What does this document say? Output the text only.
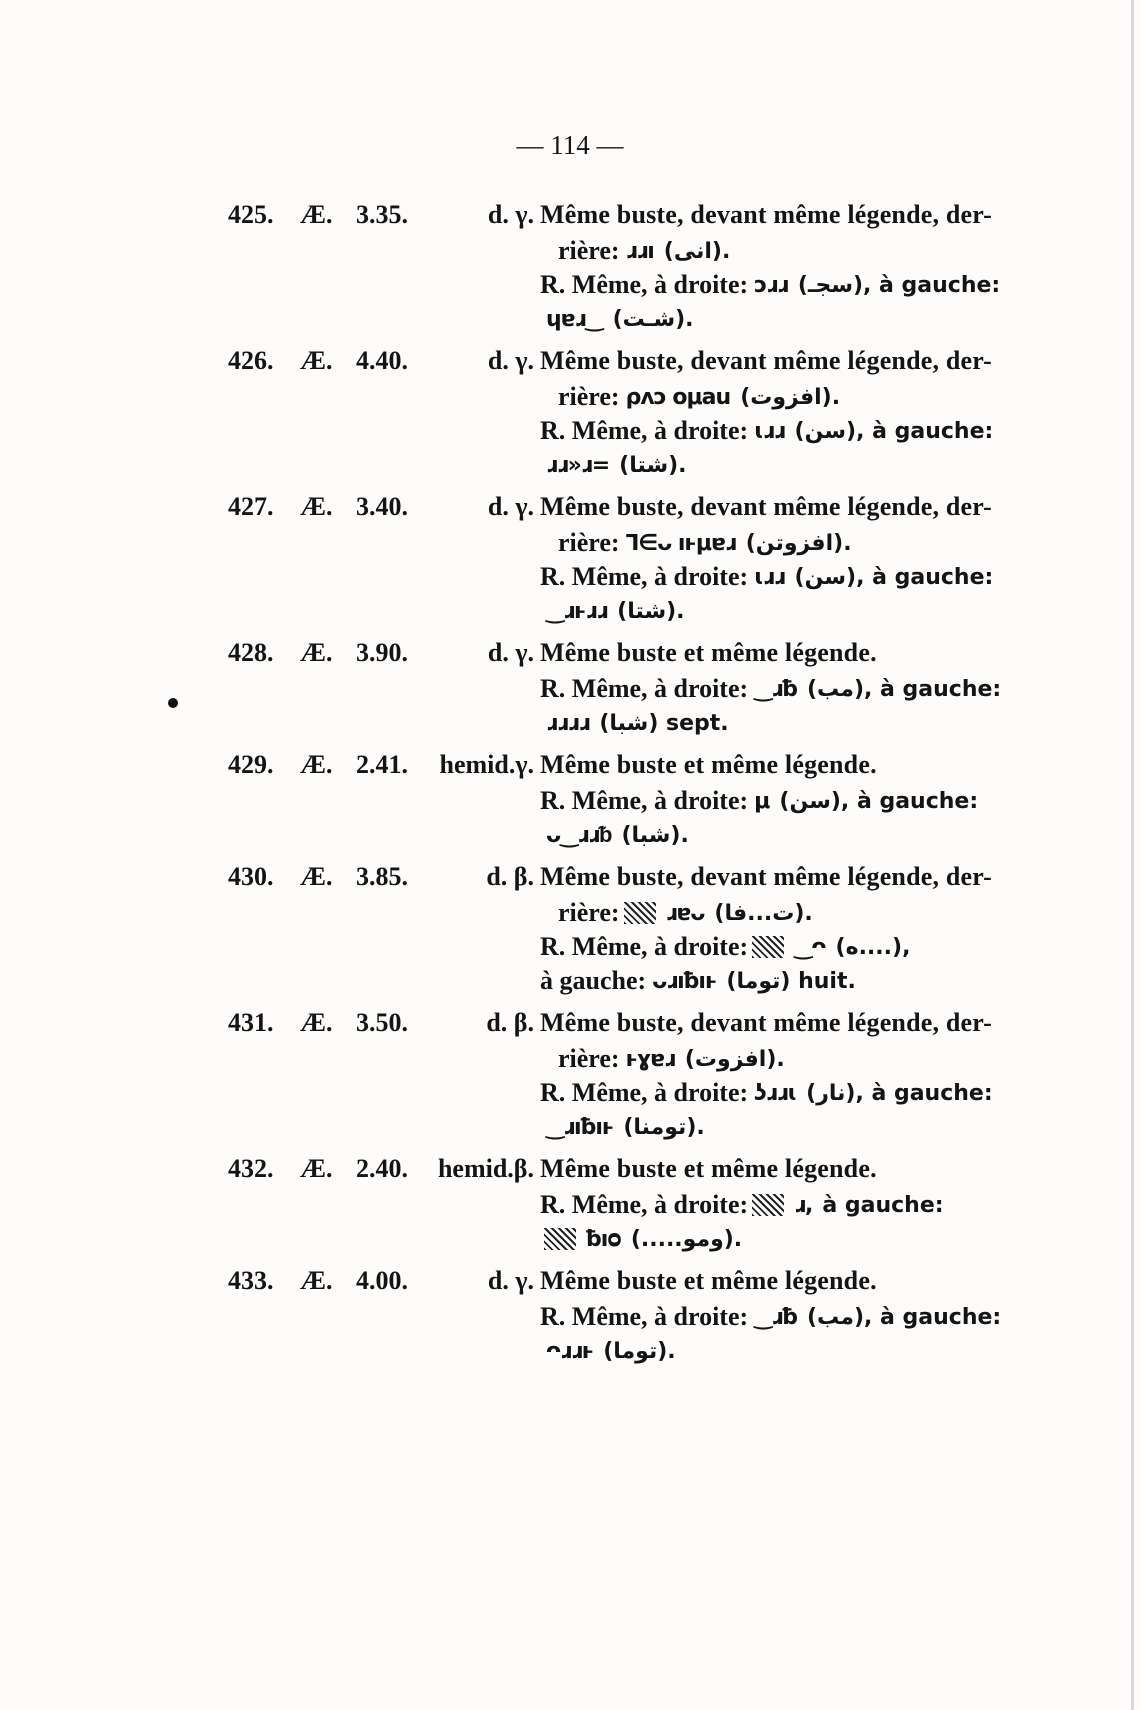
— 114 —
425.	Æ. 3.35.	d. γ. Même buste, devant même légende, der-
rière: ɹɹı (انى).
R. Même, à droite: ɔɹɹ (سجـ), à gauche:
ɥɐɹ‿ (شـت).
426.	Æ. 4.40.	d. γ. Même buste, devant même légende, der-
rière: ρʌɔ oμau (افزوت).
R. Même, à droite: ɩɹɹ (سن), à gauche:
ɹɹ»ɹ= (شتا).
427.	Æ. 3.40.	d. γ. Même buste, devant même légende, der-
rière: ᒣ∈ᴗ ıⱶμɐɹ (افزوتن).
R. Même, à droite: ɩɹɹ (سن), à gauche:
‿ɹⱶɹɹ (شتا).
428.	Æ. 3.90.	d. γ. Même buste et même légende.
R. Même, à droite: ‿ɹƀ (مب), à gauche:
ɹɹɹɹ (شبا) sept.
429.	Æ. 2.41.	hemid.γ. Même buste et même légende.
R. Même, à droite: μ (سن), à gauche:
ᴗ‿ɹɹᵬ (شبا).
430.	Æ. 3.85.	d. β. Même buste, devant même légende, der-
rière: ɹɐᴗ (ت...فا).
R. Même, à droite: ‿ᴖ (ه....),
à gauche: ᴗɹıƀıⱶ (توما) huit.
431.	Æ. 3.50.	d. β. Même buste, devant même légende, der-
rière: ⱶɣɐɹ (افزوت).
R. Même, à droite: ʖɹɹɩ (نار), à gauche:
‿ɹıƀıⱶ (تومنا).
432.	Æ. 2.40.	hemid.β. Même buste et même légende.
R. Même, à droite: ɹ, à gauche:
ƀıᴑ (.....ومو).
433.	Æ. 4.00.	d. γ. Même buste et même légende.
R. Même, à droite: ‿ɹƀ (مب), à gauche:
ᴖɹɹⱶ (توما).
